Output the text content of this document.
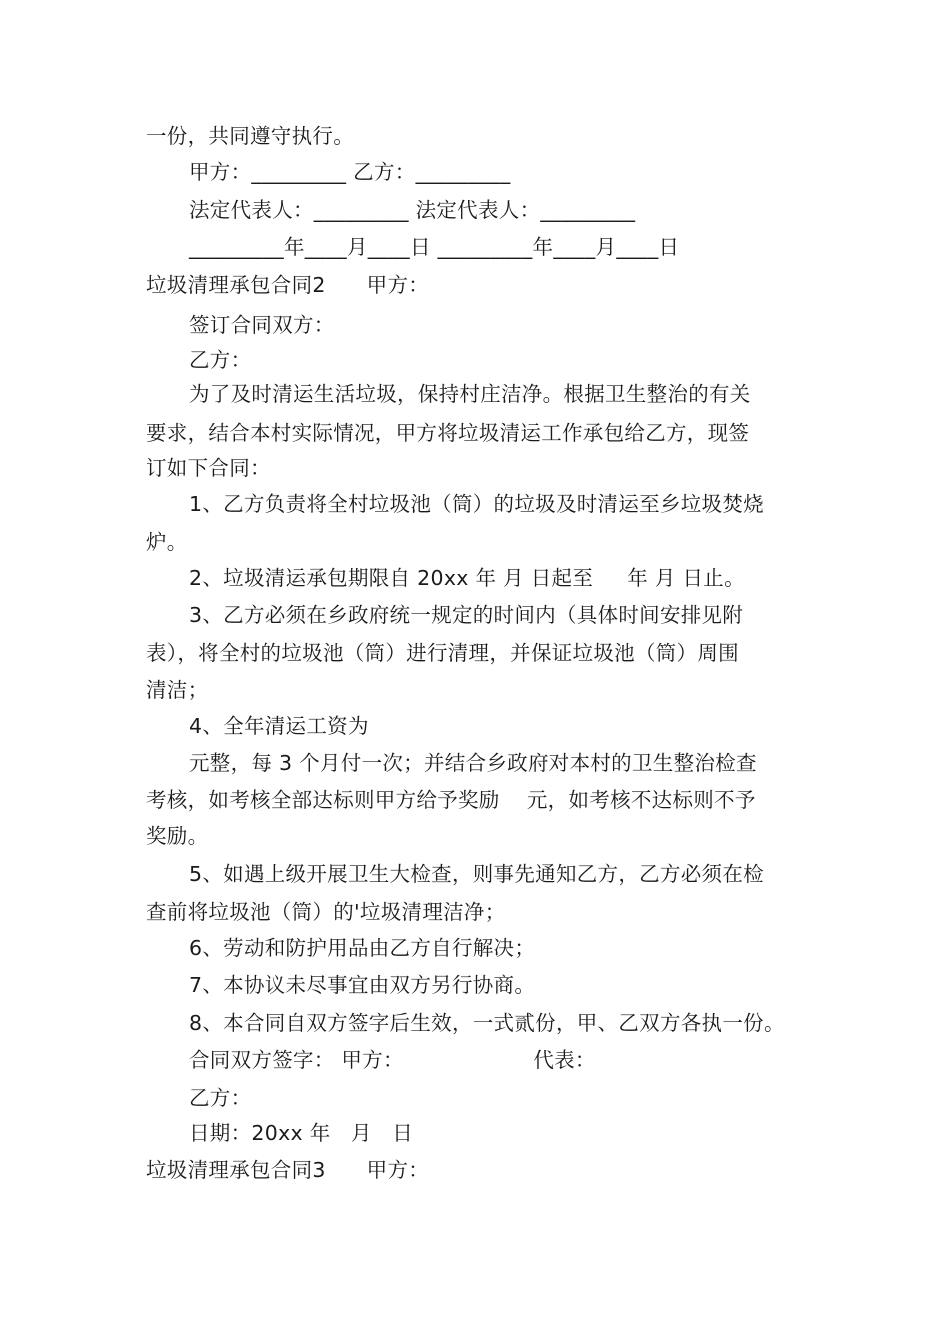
一份，共同遵守执行。
甲方：_________ 乙方：_________
法定代表人：_________ 法定代表人：_________
_________年____月____日 _________年____月____日
垃圾清理承包合同2      甲方：
签订合同双方：
乙方：
为了及时清运生活垃圾，保持村庄洁净。根据卫生整治的有关
要求，结合本村实际情况，甲方将垃圾清运工作承包给乙方，现签
订如下合同：
1、乙方负责将全村垃圾池（筒）的垃圾及时清运至乡垃圾焚烧
炉。
2、垃圾清运承包期限自 20xx 年 月 日起至     年 月 日止。
3、乙方必须在乡政府统一规定的时间内（具体时间安排见附
表），将全村的垃圾池（筒）进行清理，并保证垃圾池（筒）周围
清洁；
4、全年清运工资为
元整，每 3 个月付一次；并结合乡政府对本村的卫生整治检查
考核，如考核全部达标则甲方给予奖励    元，如考核不达标则不予
奖励。
5、如遇上级开展卫生大检查，则事先通知乙方，乙方必须在检
查前将垃圾池（筒）的'垃圾清理洁净；
6、劳动和防护用品由乙方自行解决；
7、本协议未尽事宜由双方另行协商。
8、本合同自双方签字后生效，一式贰份，甲、乙双方各执一份。
合同双方签字： 甲方：                   代表：
乙方：
日期：20xx 年   月   日
垃圾清理承包合同3      甲方：
